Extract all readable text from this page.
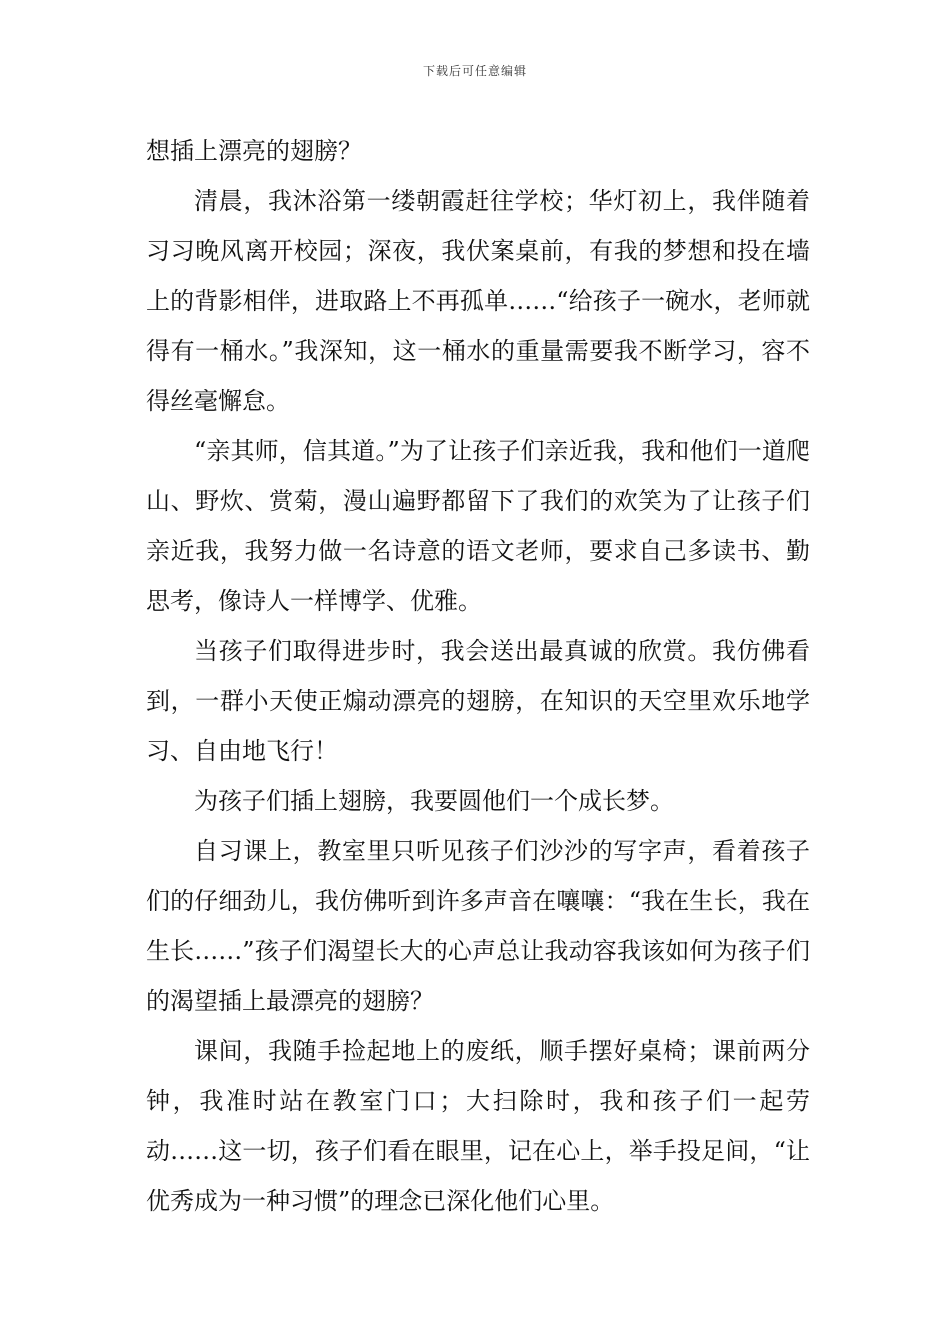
下载后可任意编辑

想插上漂亮的翅膀？

清晨，我沐浴第一缕朝霞赶往学校；华灯初上，我伴随着习习晚风离开校园；深夜，我伏案桌前，有我的梦想和投在墙上的背影相伴，进取路上不再孤单……“给孩子一碗水，老师就得有一桶水。”我深知，这一桶水的重量需要我不断学习，容不得丝毫懈怠。

“亲其师，信其道。”为了让孩子们亲近我，我和他们一道爬山、野炊、赏菊，漫山遍野都留下了我们的欢笑为了让孩子们亲近我，我努力做一名诗意的语文老师，要求自己多读书、勤思考，像诗人一样博学、优雅。

当孩子们取得进步时，我会送出最真诚的欣赏。我仿佛看到，一群小天使正煽动漂亮的翅膀，在知识的天空里欢乐地学习、自由地飞行！

为孩子们插上翅膀，我要圆他们一个成长梦。

自习课上，教室里只听见孩子们沙沙的写字声，看着孩子们的仔细劲儿，我仿佛听到许多声音在嚷嚷：“我在生长，我在生长……”孩子们渴望长大的心声总让我动容我该如何为孩子们的渴望插上最漂亮的翅膀？

课间，我随手捡起地上的废纸，顺手摆好桌椅；课前两分钟，我准时站在教室门口；大扫除时，我和孩子们一起劳动……这一切，孩子们看在眼里，记在心上，举手投足间，“让优秀成为一种习惯”的理念已深化他们心里。
